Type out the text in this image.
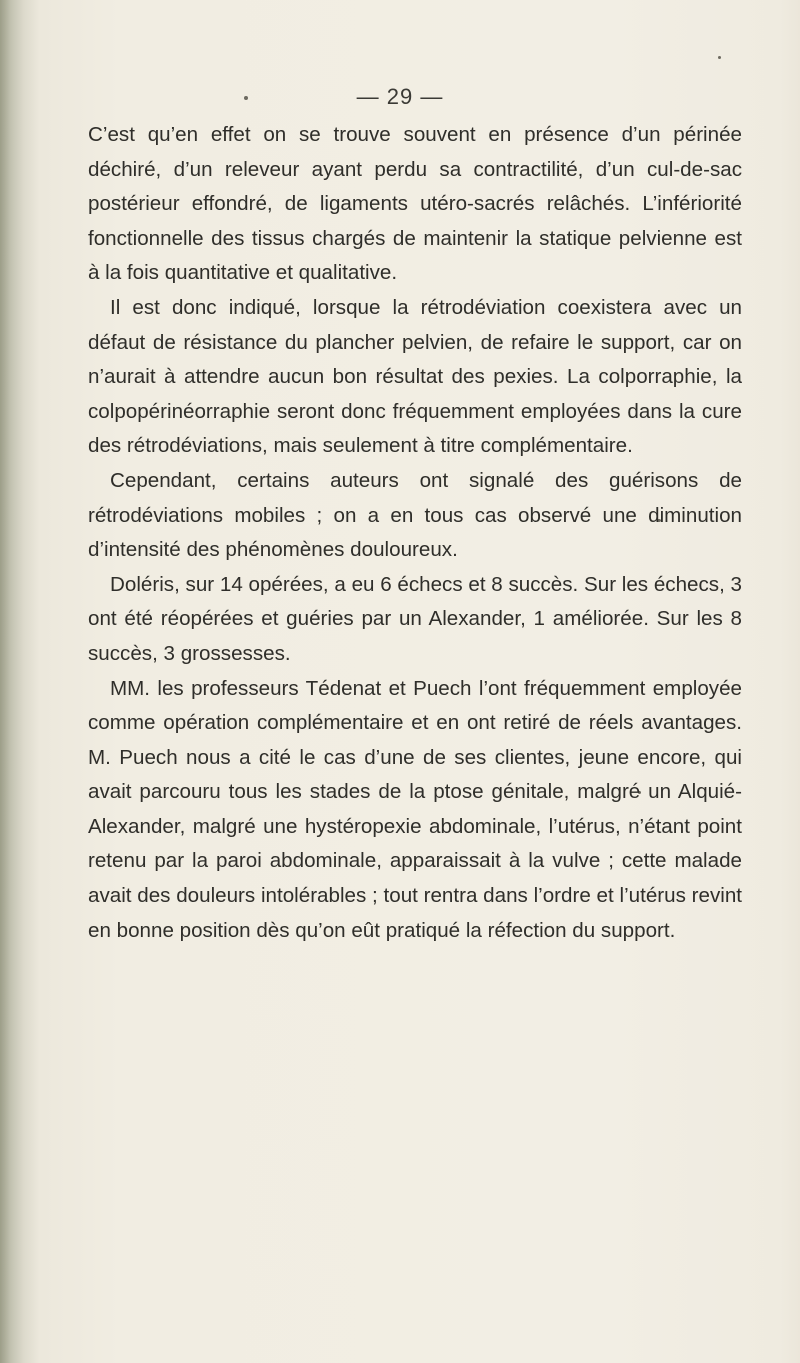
— 29 —

C’est qu’en effet on se trouve souvent en présence d’un périnée déchiré, d’un releveur ayant perdu sa contractilité, d’un cul-de-sac postérieur effondré, de ligaments utéro-sacrés relâchés. L’infériorité fonctionnelle des tissus chargés de maintenir la statique pelvienne est à la fois quantitative et qualitative.

Il est donc indiqué, lorsque la rétrodéviation coexistera avec un défaut de résistance du plancher pelvien, de refaire le support, car on n’aurait à attendre aucun bon résultat des pexies. La colporraphie, la colpopérinéorraphie seront donc fréquemment employées dans la cure des rétrodéviations, mais seulement à titre complémentaire.

Cependant, certains auteurs ont signalé des guérisons de rétrodéviations mobiles ; on a en tous cas observé une diminution d’intensité des phénomènes douloureux.

Doléris, sur 14 opérées, a eu 6 échecs et 8 succès. Sur les échecs, 3 ont été réopérées et guéries par un Alexander, 1 améliorée. Sur les 8 succès, 3 grossesses.

MM. les professeurs Tédenat et Puech l’ont fréquemment employée comme opération complémentaire et en ont retiré de réels avantages. M. Puech nous a cité le cas d’une de ses clientes, jeune encore, qui avait parcouru tous les stades de la ptose génitale, malgré un Alquié-Alexander, malgré une hystéropexie abdominale, l’utérus, n’étant point retenu par la paroi abdominale, apparaissait à la vulve ; cette malade avait des douleurs intolérables ; tout rentra dans l’ordre et l’utérus revint en bonne position dès qu’on eût pratiqué la réfection du support.
